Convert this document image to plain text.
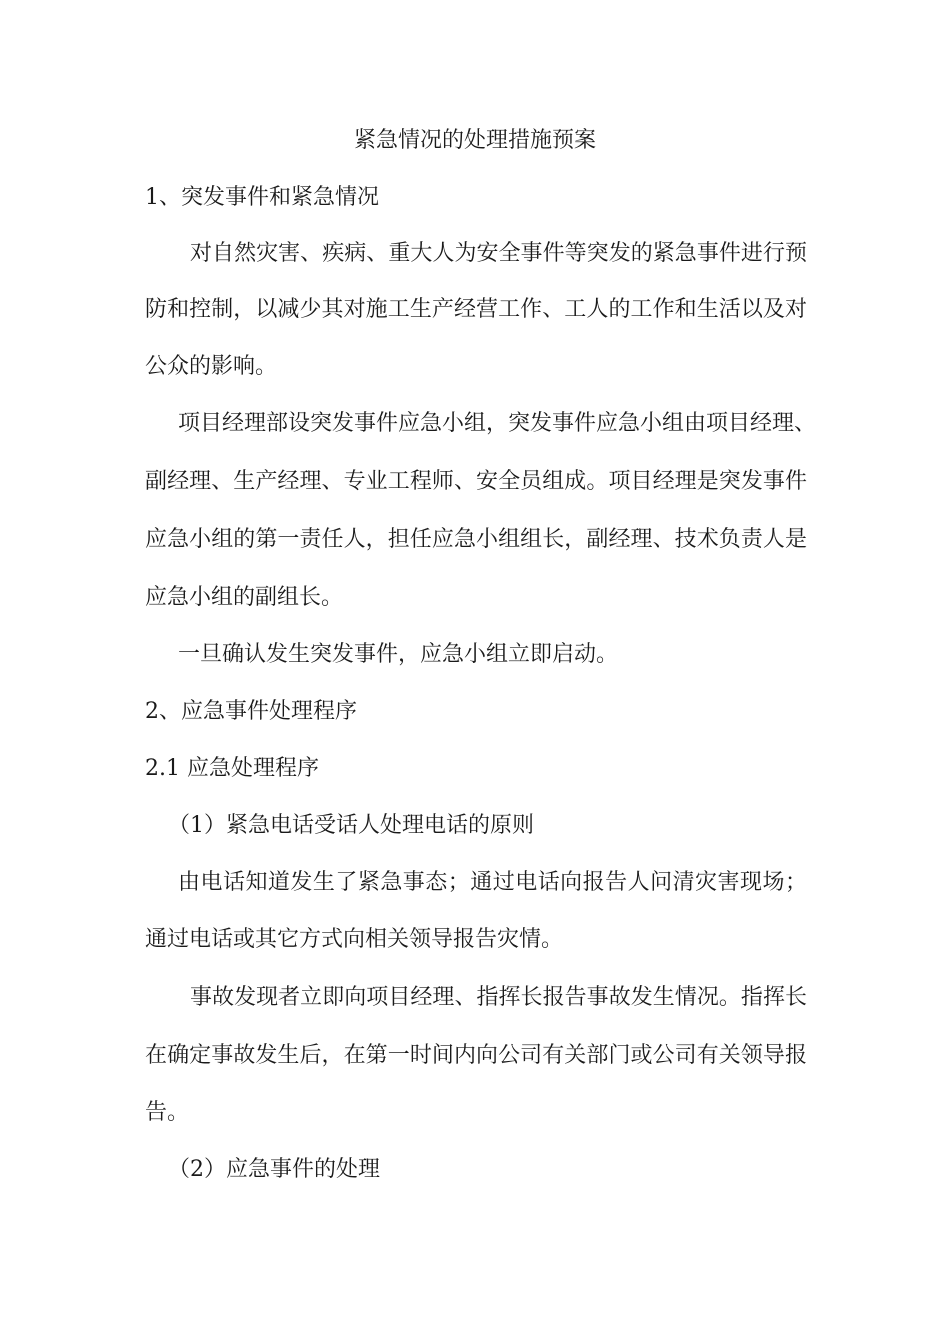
紧急情况的处理措施预案
1、突发事件和紧急情况
对自然灾害、疾病、重大人为安全事件等突发的紧急事件进行预
防和控制，以减少其对施工生产经营工作、工人的工作和生活以及对
公众的影响。
项目经理部设突发事件应急小组，突发事件应急小组由项目经理、
副经理、生产经理、专业工程师、安全员组成。项目经理是突发事件
应急小组的第一责任人，担任应急小组组长，副经理、技术负责人是
应急小组的副组长。
一旦确认发生突发事件，应急小组立即启动。
2、应急事件处理程序
2.1 应急处理程序
（1）紧急电话受话人处理电话的原则
由电话知道发生了紧急事态；通过电话向报告人问清灾害现场；
通过电话或其它方式向相关领导报告灾情。
事故发现者立即向项目经理、指挥长报告事故发生情况。指挥长
在确定事故发生后，在第一时间内向公司有关部门或公司有关领导报
告。
（2）应急事件的处理
